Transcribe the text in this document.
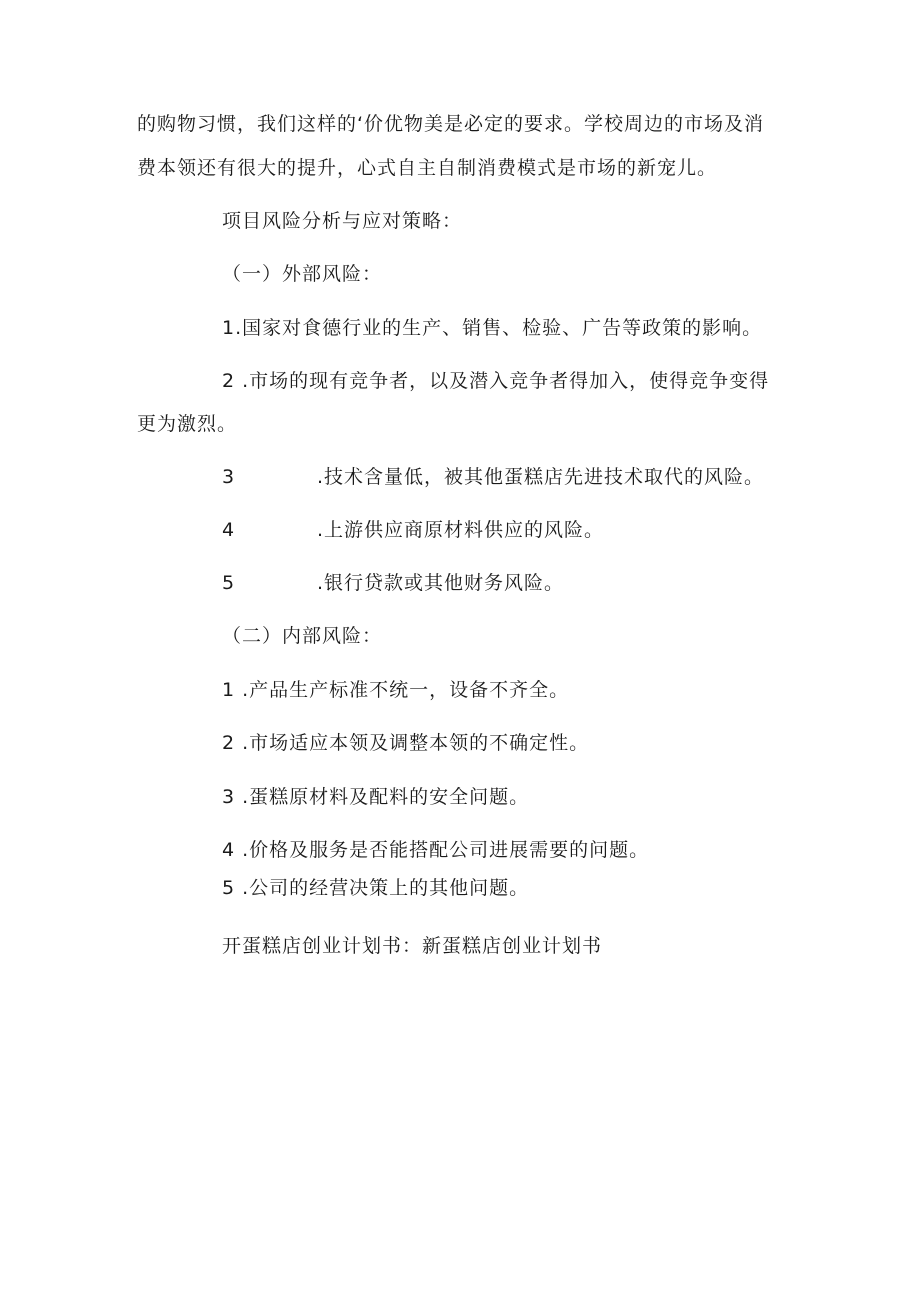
的购物习惯，我们这样的‘价优物美是必定的要求。学校周边的市场及消
费本领还有很大的提升，心式自主自制消费模式是市场的新宠儿。
项目风险分析与应对策略：
（一）外部风险：
1.国家对食德行业的生产、销售、检验、广告等政策的影响。
2 .市场的现有竞争者，以及潜入竞争者得加入，使得竞争变得
更为激烈。
3	.技术含量低，被其他蛋糕店先进技术取代的风险。
4	.上游供应商原材料供应的风险。
5	.银行贷款或其他财务风险。
（二）内部风险：
1 .产品生产标准不统一，设备不齐全。
2 .市场适应本领及调整本领的不确定性。
3 .蛋糕原材料及配料的安全问题。
4 .价格及服务是否能搭配公司进展需要的问题。
5 .公司的经营决策上的其他问题。
开蛋糕店创业计划书：新蛋糕店创业计划书
